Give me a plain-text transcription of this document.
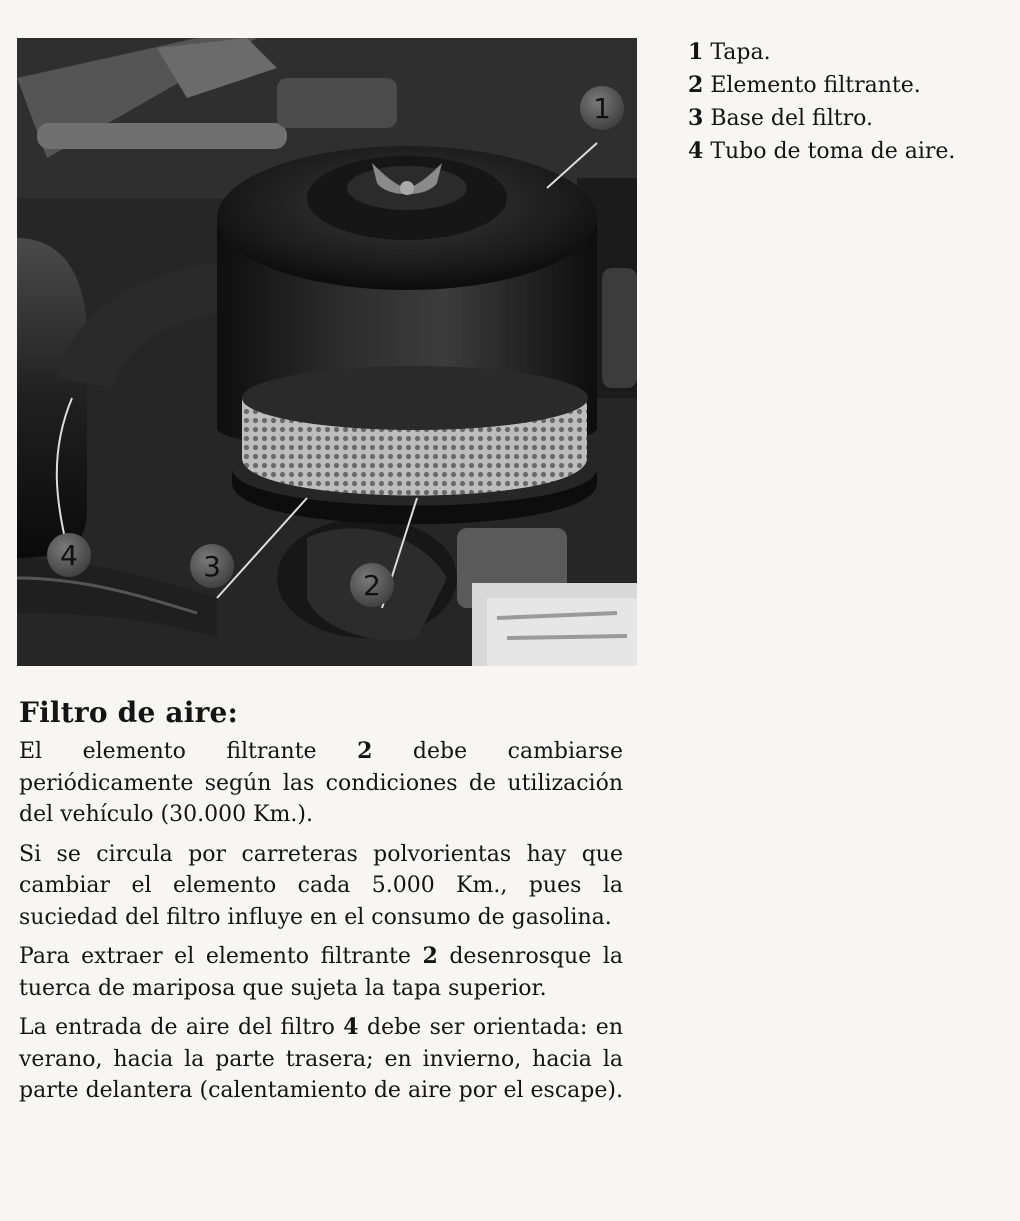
1
2
3
4
1 Tapa.
2 Elemento filtrante.
3 Base del filtro.
4 Tubo de toma de aire.
Filtro de aire:

El elemento filtrante 2 debe cambiarse periódicamente según las condiciones de utilización del vehículo (30.000 Km.).

Si se circula por carreteras polvorientas hay que cambiar el elemento cada 5.000 Km., pues la suciedad del filtro influye en el consumo de gasolina.

Para extraer el elemento filtrante 2 desenrosque la tuerca de mariposa que sujeta la tapa superior.

La entrada de aire del filtro 4 debe ser orientada: en verano, hacia la parte trasera; en invierno, hacia la parte delantera (calentamiento de aire por el escape).
